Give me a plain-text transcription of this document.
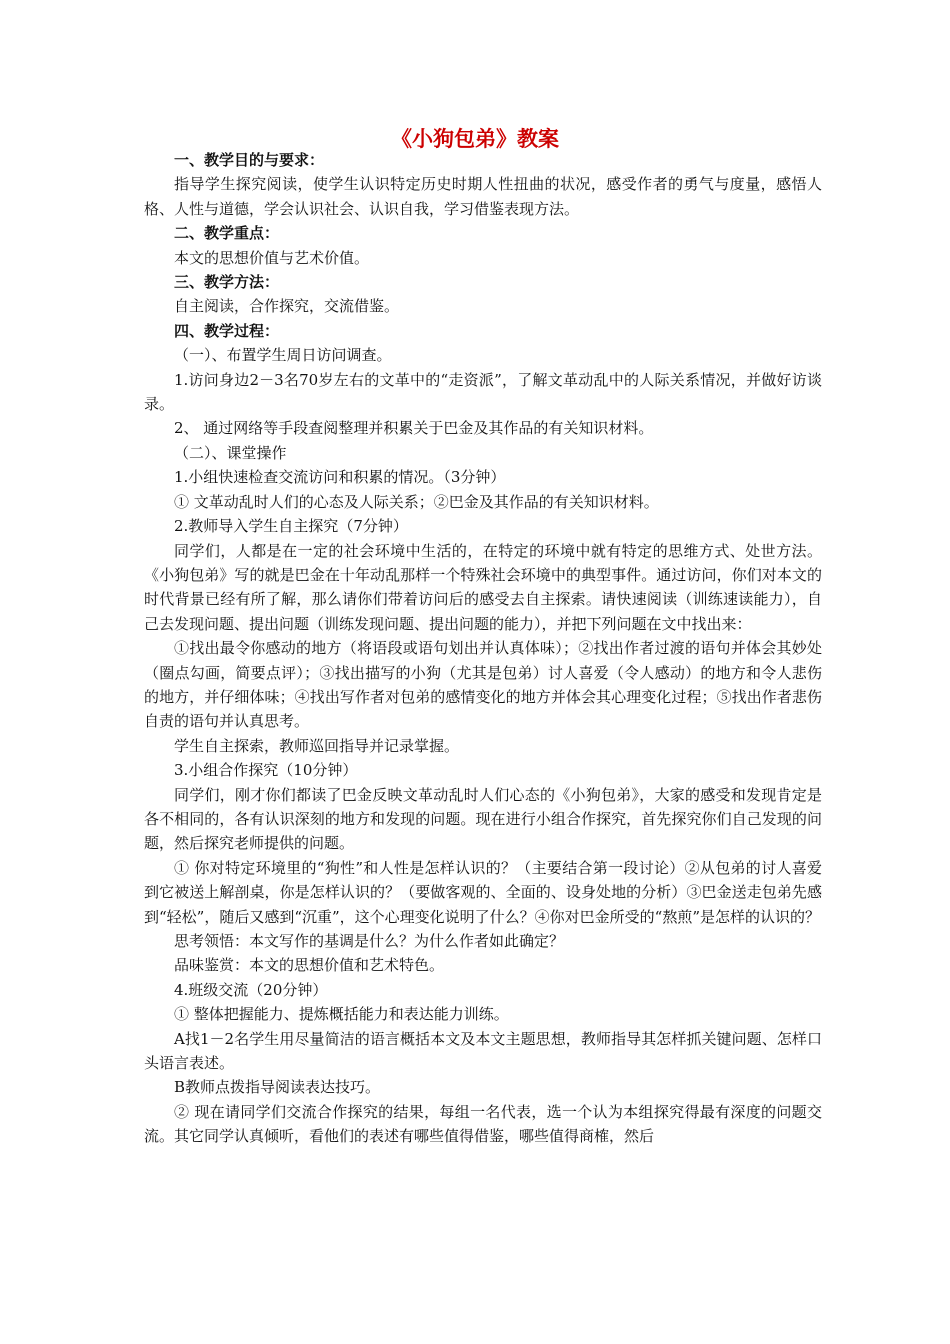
《小狗包弟》教案

一、教学目的与要求：

指导学生探究阅读，使学生认识特定历史时期人性扭曲的状况，感受作者的勇气与度量，感悟人格、人性与道德，学会认识社会、认识自我，学习借鉴表现方法。

二、教学重点：

本文的思想价值与艺术价值。

三、教学方法：

自主阅读，合作探究，交流借鉴。

四、教学过程：

（一）、布置学生周日访问调查。

1.访问身边2－3名70岁左右的文革中的“走资派”，了解文革动乱中的人际关系情况，并做好访谈录。

2、 通过网络等手段查阅整理并积累关于巴金及其作品的有关知识材料。

（二）、课堂操作

1.小组快速检查交流访问和积累的情况。（3分钟）

① 文革动乱时人们的心态及人际关系；②巴金及其作品的有关知识材料。

2.教师导入学生自主探究（7分钟）

同学们，人都是在一定的社会环境中生活的，在特定的环境中就有特定的思维方式、处世方法。《小狗包弟》写的就是巴金在十年动乱那样一个特殊社会环境中的典型事件。通过访问，你们对本文的时代背景已经有所了解，那么请你们带着访问后的感受去自主探索。请快速阅读（训练速读能力），自己去发现问题、提出问题（训练发现问题、提出问题的能力），并把下列问题在文中找出来：

①找出最令你感动的地方（将语段或语句划出并认真体味）；②找出作者过渡的语句并体会其妙处（圈点勾画，简要点评）；③找出描写的小狗（尤其是包弟）讨人喜爱（令人感动）的地方和令人悲伤的地方，并仔细体味；④找出写作者对包弟的感情变化的地方并体会其心理变化过程；⑤找出作者悲伤自责的语句并认真思考。

学生自主探索，教师巡回指导并记录掌握。

3.小组合作探究（10分钟）

同学们，刚才你们都读了巴金反映文革动乱时人们心态的《小狗包弟》，大家的感受和发现肯定是各不相同的，各有认识深刻的地方和发现的问题。现在进行小组合作探究，首先探究你们自己发现的问题，然后探究老师提供的问题。

① 你对特定环境里的“狗性”和人性是怎样认识的？（主要结合第一段讨论）②从包弟的讨人喜爱到它被送上解剖桌，你是怎样认识的？（要做客观的、全面的、设身处地的分析）③巴金送走包弟先感到“轻松”，随后又感到“沉重”，这个心理变化说明了什么？④你对巴金所受的“熬煎”是怎样的认识的？

思考领悟：本文写作的基调是什么？为什么作者如此确定？

品味鉴赏：本文的思想价值和艺术特色。

4.班级交流（20分钟）

① 整体把握能力、提炼概括能力和表达能力训练。

A找1－2名学生用尽量简洁的语言概括本文及本文主题思想，教师指导其怎样抓关键问题、怎样口头语言表述。

B教师点拨指导阅读表达技巧。

② 现在请同学们交流合作探究的结果，每组一名代表，选一个认为本组探究得最有深度的问题交流。其它同学认真倾听，看他们的表述有哪些值得借鉴，哪些值得商榷，然后
